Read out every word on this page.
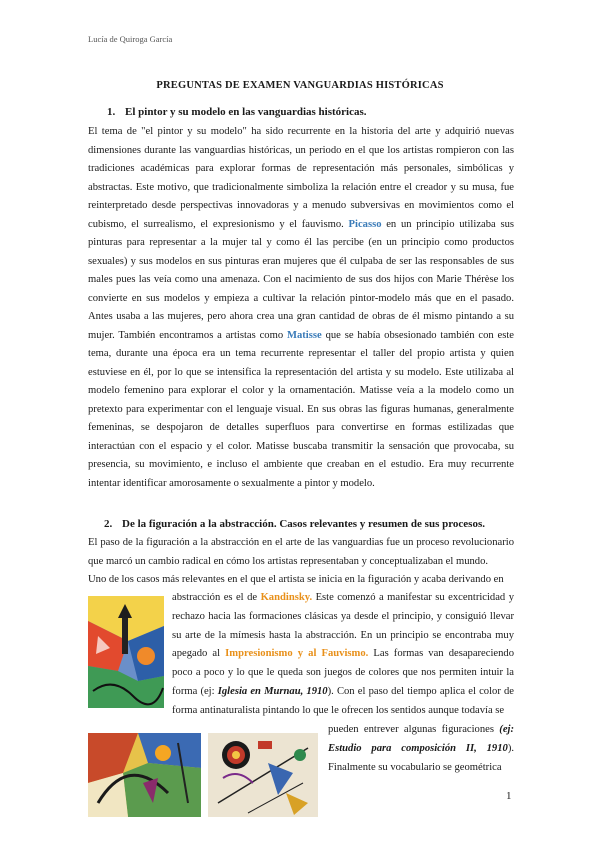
Lucía de Quiroga García
PREGUNTAS DE EXAMEN VANGUARDIAS HISTÓRICAS
1. El pintor y su modelo en las vanguardias históricas.
El tema de "el pintor y su modelo" ha sido recurrente en la historia del arte y adquirió nuevas dimensiones durante las vanguardias históricas, un periodo en el que los artistas rompieron con las tradiciones académicas para explorar formas de representación más personales, simbólicas y abstractas. Este motivo, que tradicionalmente simboliza la relación entre el creador y su musa, fue reinterpretado desde perspectivas innovadoras y a menudo subversivas en movimientos como el cubismo, el surrealismo, el expresionismo y el fauvismo. Picasso en un principio utilizaba sus pinturas para representar a la mujer tal y como él las percibe (en un principio como productos sexuales) y sus modelos en sus pinturas eran mujeres que él culpaba de ser las responsables de sus males pues las veía como una amenaza. Con el nacimiento de sus dos hijos con Marie Thérèse los convierte en sus modelos y empieza a cultivar la relación pintor-modelo más que en el pasado. Antes usaba a las mujeres, pero ahora crea una gran cantidad de obras de él mismo pintando a su mujer. También encontramos a artistas como Matisse que se había obsesionado también con este tema, durante una época era un tema recurrente representar el taller del propio artista y quien estuviese en él, por lo que se intensifica la representación del artista y su modelo. Este utilizaba al modelo femenino para explorar el color y la ornamentación. Matisse veía a la modelo como un pretexto para experimentar con el lenguaje visual. En sus obras las figuras humanas, generalmente femeninas, se despojaron de detalles superfluos para convertirse en formas estilizadas que interactúan con el espacio y el color. Matisse buscaba transmitir la sensación que provocaba, su presencia, su movimiento, e incluso el ambiente que creaban en el estudio. Era muy recurrente intentar identificar amorosamente o sexualmente a pintor y modelo.
2. De la figuración a la abstracción. Casos relevantes y resumen de sus procesos.
El paso de la figuración a la abstracción en el arte de las vanguardias fue un proceso revolucionario que marcó un cambio radical en cómo los artistas representaban y conceptualizaban el mundo.
Uno de los casos más relevantes en el que el artista se inicia en la figuración y acaba derivando en
abstracción es el de Kandinsky. Este comenzó a manifestar su excentricidad y rechazo hacia las formaciones clásicas ya desde el principio, y consiguió llevar su arte de la mímesis hasta la abstracción. En un principio se encontraba muy apegado al Impresionismo y al Fauvismo. Las formas van desapareciendo poco a poco y lo que le queda son juegos de colores que nos permiten intuir la forma (ej: Iglesia en Murnau, 1910). Con el paso del tiempo aplica el color de forma antinaturalista pintando lo que le ofrecen los sentidos aunque todavía se
pueden entrever algunas figuraciones (ej: Estudio para composición II, 1910). Finalmente su vocabulario se geométrica
1
